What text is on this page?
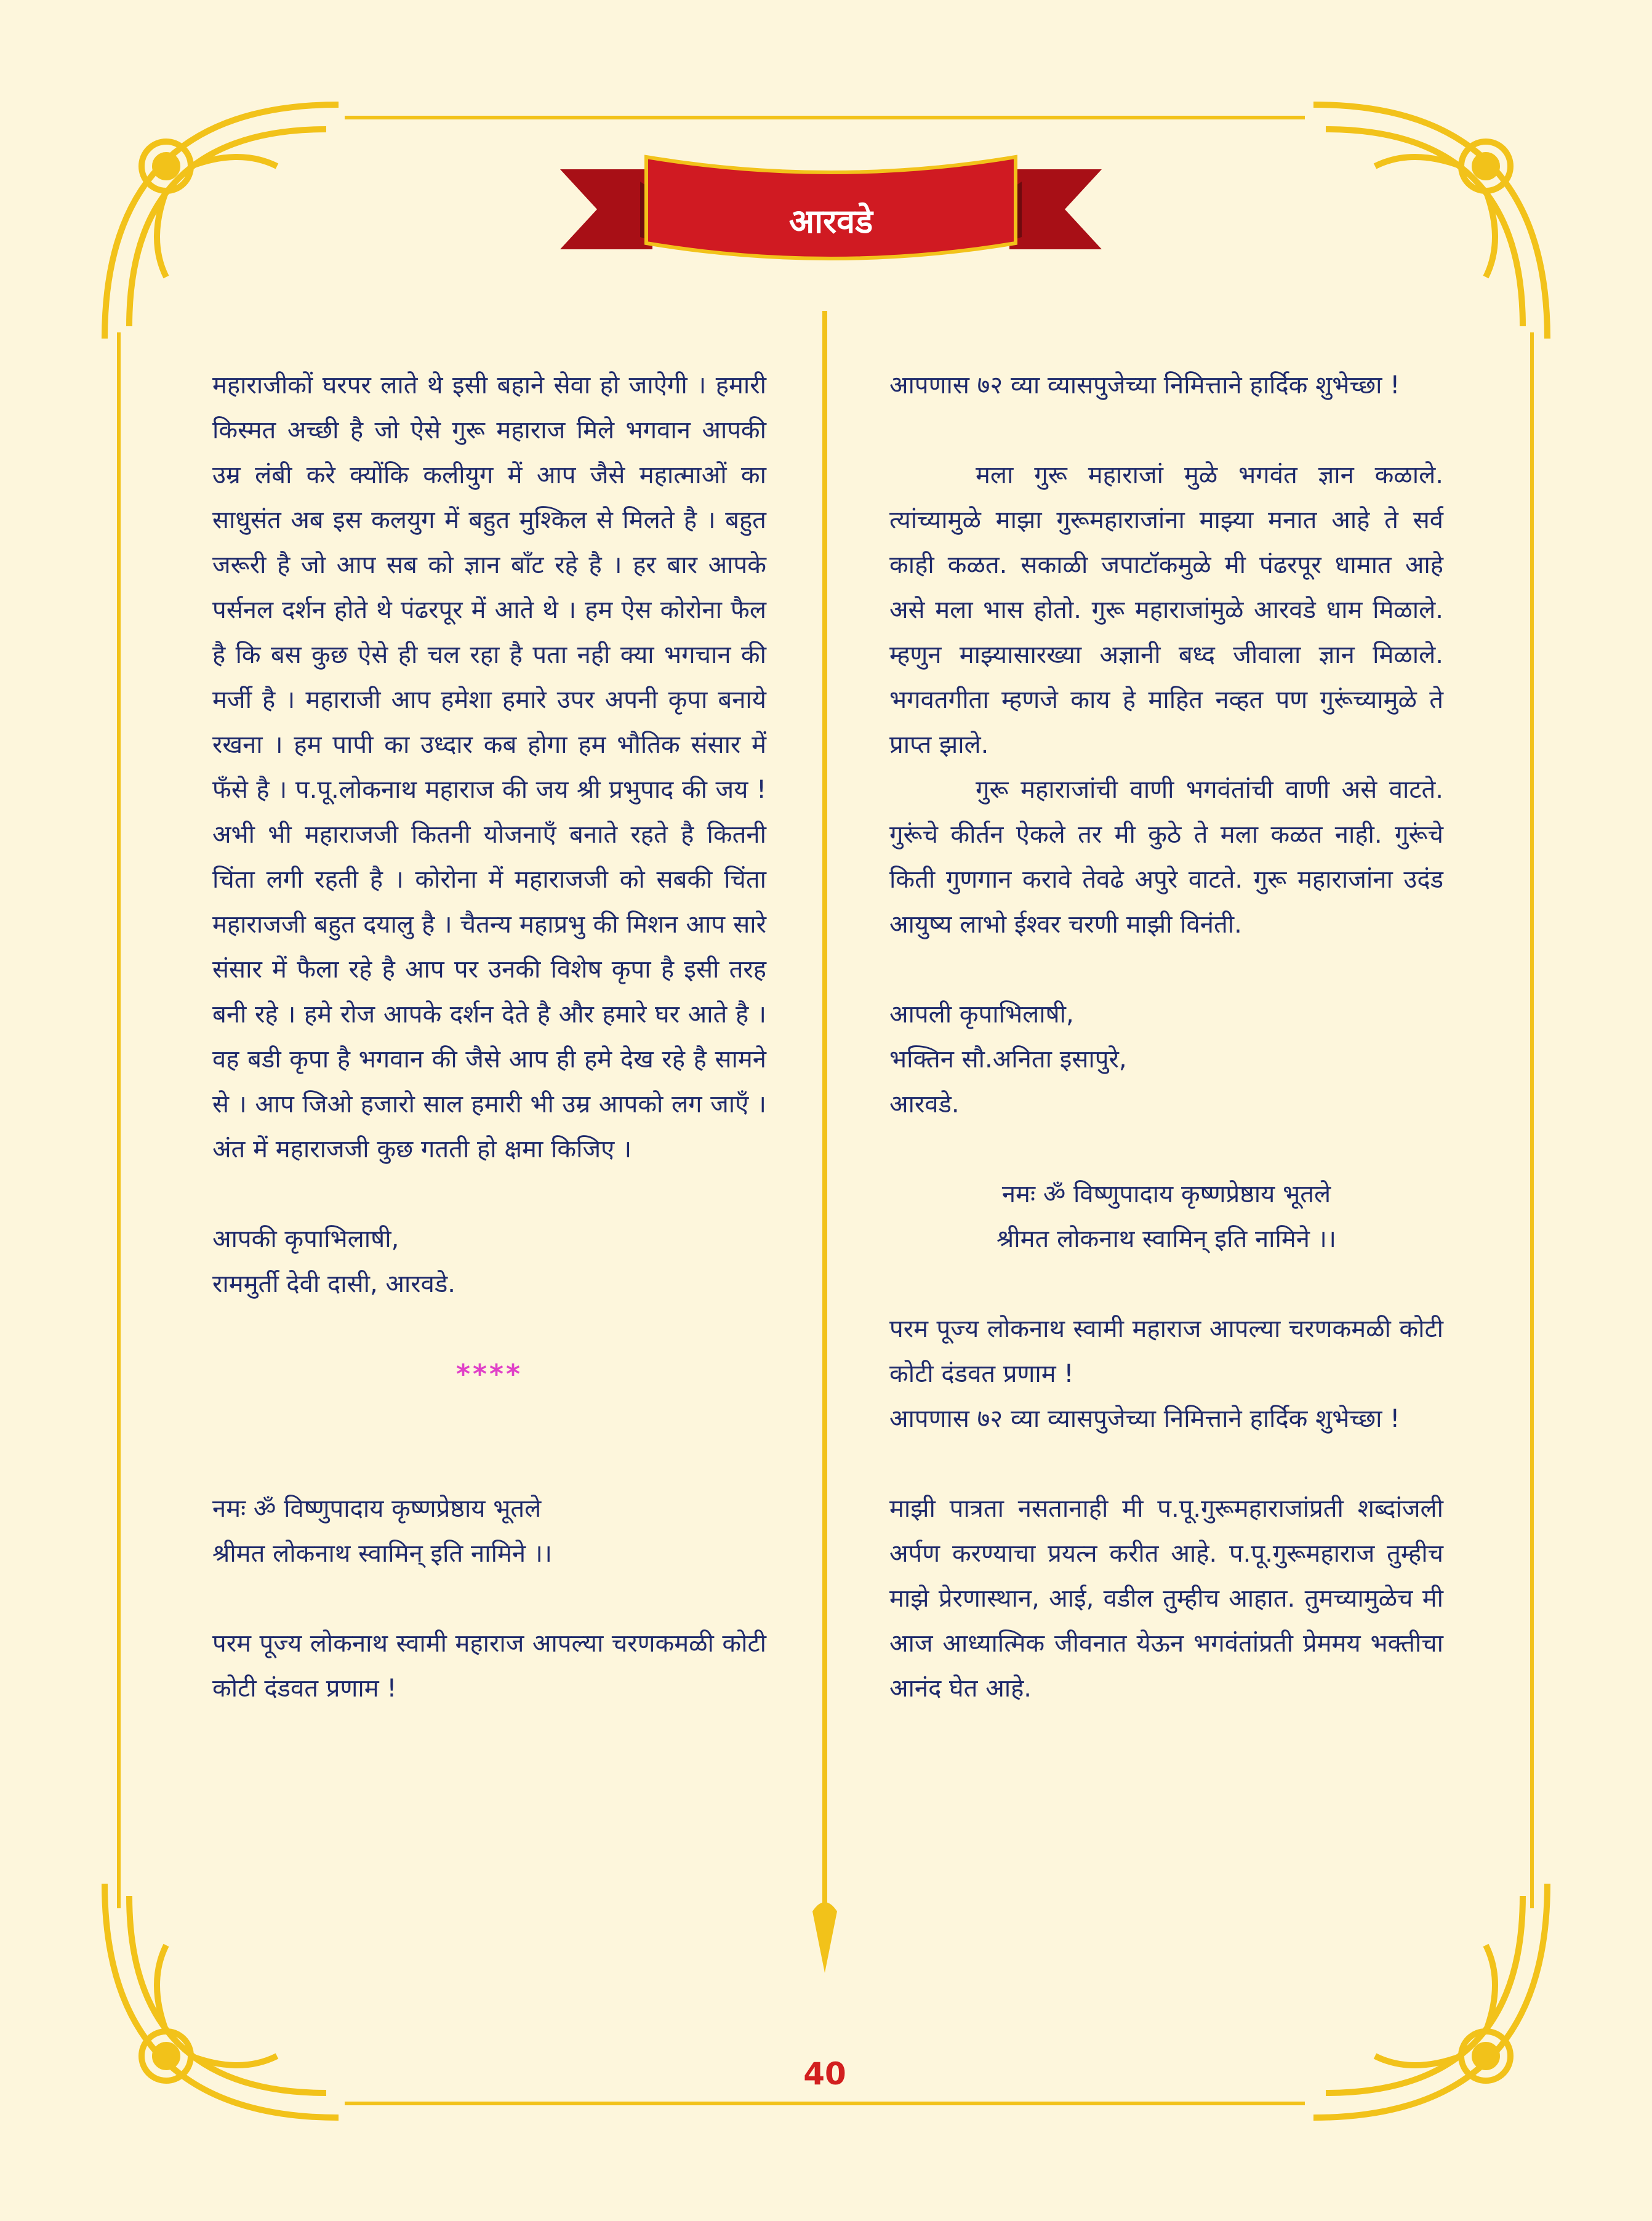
आरवडे

महाराजीकों घरपर लाते थे इसी बहाने सेवा हो जाऐगी । हमारी किस्मत अच्छी है जो ऐसे गुरू महाराज मिले भगवान आपकी उम्र लंबी करे क्योंकि कलीयुग में आप जैसे महात्माओं का साधुसंत अब इस कलयुग में बहुत मुश्किल से मिलते है । बहुत जरूरी है जो आप सब को ज्ञान बाँट रहे है । हर बार आपके पर्सनल दर्शन होते थे पंढरपूर में आते थे । हम ऐस कोरोना फैल है कि बस कुछ ऐसे ही चल रहा है पता नही क्या भगचान की मर्जी है । महाराजी आप हमेशा हमारे उपर अपनी कृपा बनाये रखना । हम पापी का उध्दार कब होगा हम भौतिक संसार में फँसे है । प.पू.लोकनाथ महाराज की जय श्री प्रभुपाद की जय ! अभी भी महाराजजी कितनी योजनाएँ बनाते रहते है कितनी चिंता लगी रहती है । कोरोना में महाराजजी को सबकी चिंता महाराजजी बहुत दयालु है । चैतन्य महाप्रभु की मिशन आप सारे संसार में फैला रहे है आप पर उनकी विशेष कृपा है इसी तरह बनी रहे । हमे रोज आपके दर्शन देते है और हमारे घर आते है । वह बडी कृपा है भगवान की जैसे आप ही हमे देख रहे है सामने से । आप जिओ हजारो साल हमारी भी उम्र आपको लग जाएँ । अंत में महाराजजी कुछ गतती हो क्षमा किजिए ।

आपकी कृपाभिलाषी,
राममुर्ती देवी दासी, आरवडे.
****
नमः ॐ विष्णुपादाय कृष्णप्रेष्ठाय भूतले
श्रीमत लोकनाथ स्वामिन् इति नामिने ।।

परम पूज्य लोकनाथ स्वामी महाराज आपल्या चरणकमळी कोटी कोटी दंडवत प्रणाम !

आपणास ७२ व्या व्यासपुजेच्या निमित्ताने हार्दिक शुभेच्छा !

मला गुरू महाराजां मुळे भगवंत ज्ञान कळाले. त्यांच्यामुळे माझा गुरूमहाराजांना माझ्या मनात आहे ते सर्व काही कळत. सकाळी जपाटॉकमुळे मी पंढरपूर धामात आहे असे मला भास होतो. गुरू महाराजांमुळे आरवडे धाम मिळाले. म्हणुन माझ्यासारख्या अज्ञानी बध्द जीवाला ज्ञान मिळाले. भगवतगीता म्हणजे काय हे माहित नव्हत पण गुरूंच्यामुळे ते प्राप्त झाले.

गुरू महाराजांची वाणी भगवंतांची वाणी असे वाटते. गुरूंचे कीर्तन ऐकले तर मी कुठे ते मला कळत नाही. गुरूंचे किती गुणगान करावे तेवढे अपुरे वाटते. गुरू महाराजांना उदंड आयुष्य लाभो ईश्वर चरणी माझी विनंती.

आपली कृपाभिलाषी,
भक्तिन सौ.अनिता इसापुरे,
आरवडे.
नमः ॐ विष्णुपादाय कृष्णप्रेष्ठाय भूतले
श्रीमत लोकनाथ स्वामिन् इति नामिने ।।

परम पूज्य लोकनाथ स्वामी महाराज आपल्या चरणकमळी कोटी कोटी दंडवत प्रणाम !

आपणास ७२ व्या व्यासपुजेच्या निमित्ताने हार्दिक शुभेच्छा !

माझी पात्रता नसतानाही मी प.पू.गुरूमहाराजांप्रती शब्दांजली अर्पण करण्याचा प्रयत्न करीत आहे. प.पू.गुरूमहाराज तुम्हीच माझे प्रेरणास्थान, आई, वडील तुम्हीच आहात. तुमच्यामुळेच मी आज आध्यात्मिक जीवनात येऊन भगवंतांप्रती प्रेममय भक्तीचा आनंद घेत आहे.

40
